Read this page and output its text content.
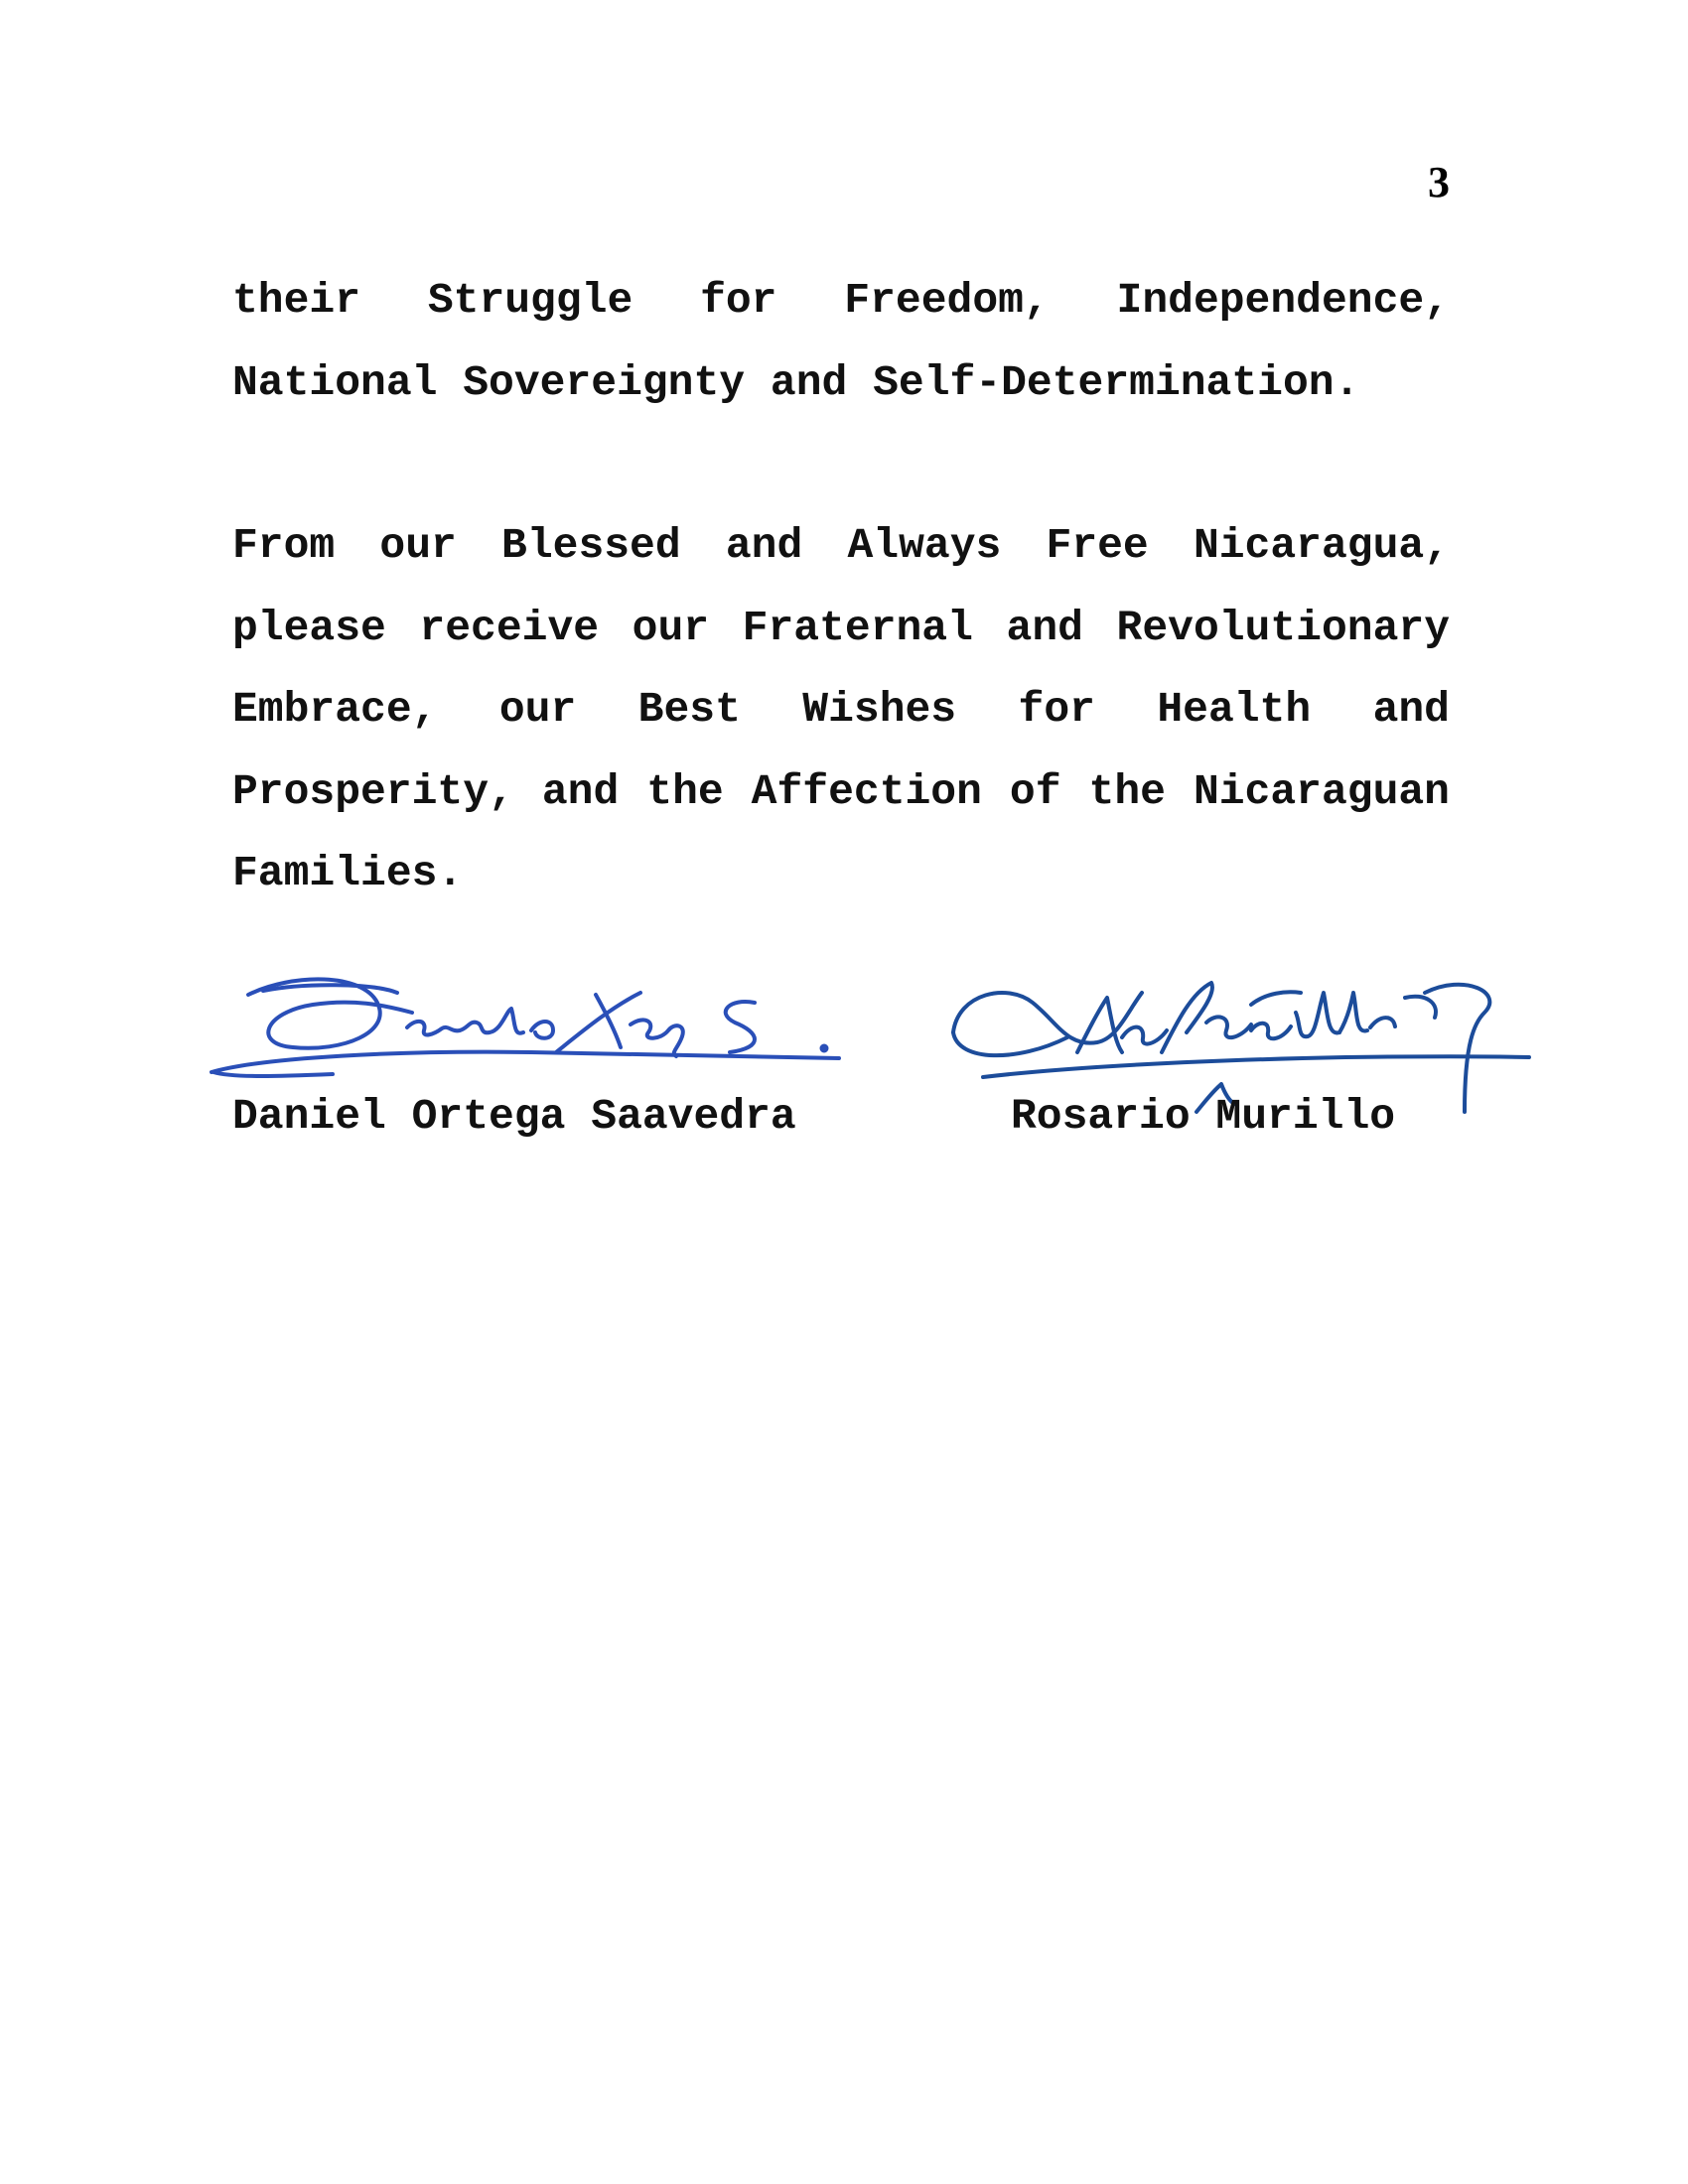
3
their Struggle for Freedom, Independence,
National Sovereignty and Self-Determination.
From our Blessed and Always Free Nicaragua,
please receive our Fraternal and Revolutionary
Embrace, our Best Wishes for Health and
Prosperity, and the Affection of the Nicaraguan
Families.
Daniel Ortega Saavedra	Rosario Murillo
